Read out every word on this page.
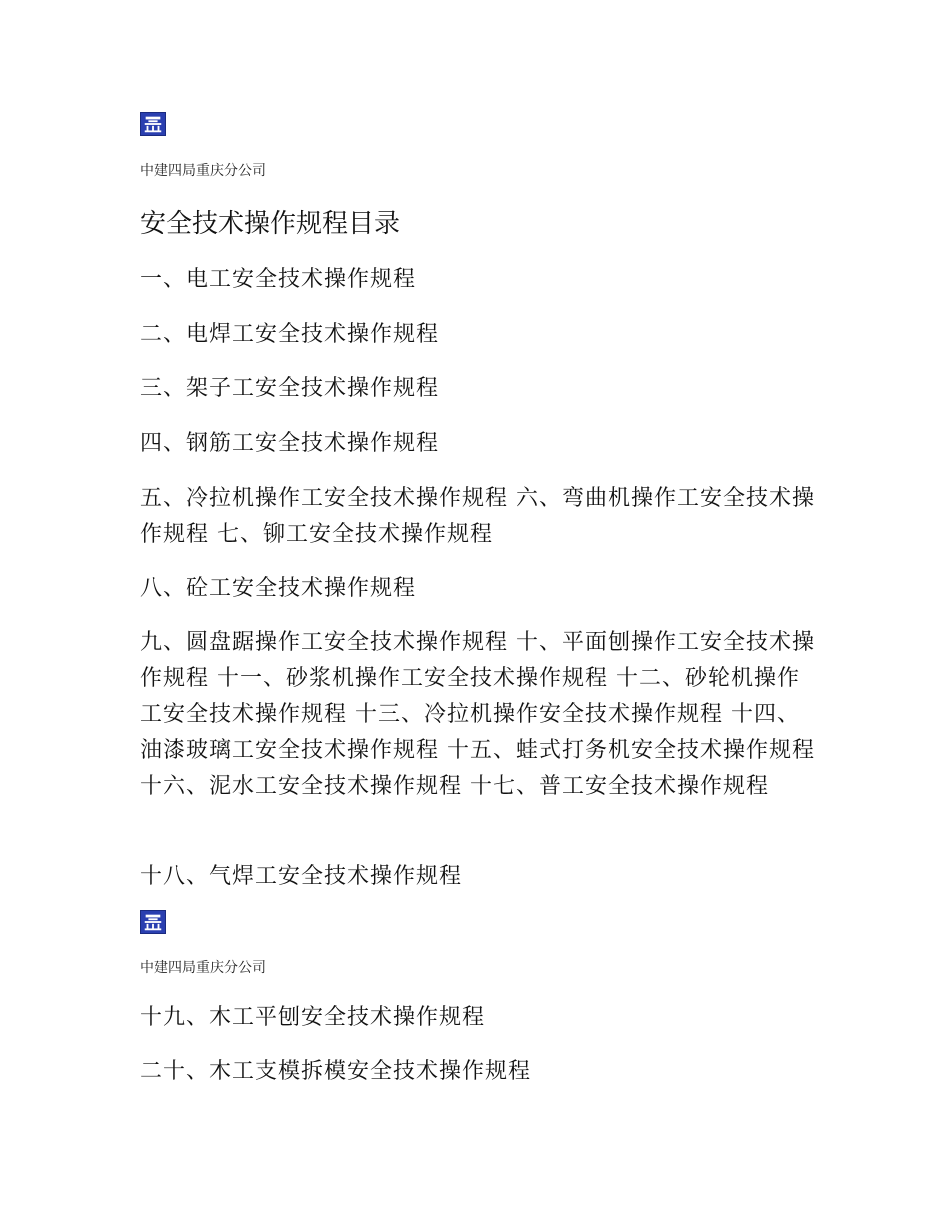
中建四局重庆分公司
安全技术操作规程目录
一、电工安全技术操作规程
二、电焊工安全技术操作规程
三、架子工安全技术操作规程
四、钢筋工安全技术操作规程
五、冷拉机操作工安全技术操作规程 六、弯曲机操作工安全技术操作规程 七、铆工安全技术操作规程
八、砼工安全技术操作规程
九、圆盘踞操作工安全技术操作规程 十、平面刨操作工安全技术操作规程 十一、砂浆机操作工安全技术操作规程 十二、砂轮机操作工安全技术操作规程 十三、冷拉机操作安全技术操作规程 十四、油漆玻璃工安全技术操作规程 十五、蛙式打务机安全技术操作规程 十六、泥水工安全技术操作规程 十七、普工安全技术操作规程
十八、气焊工安全技术操作规程
中建四局重庆分公司
十九、木工平刨安全技术操作规程
二十、木工支模拆模安全技术操作规程
